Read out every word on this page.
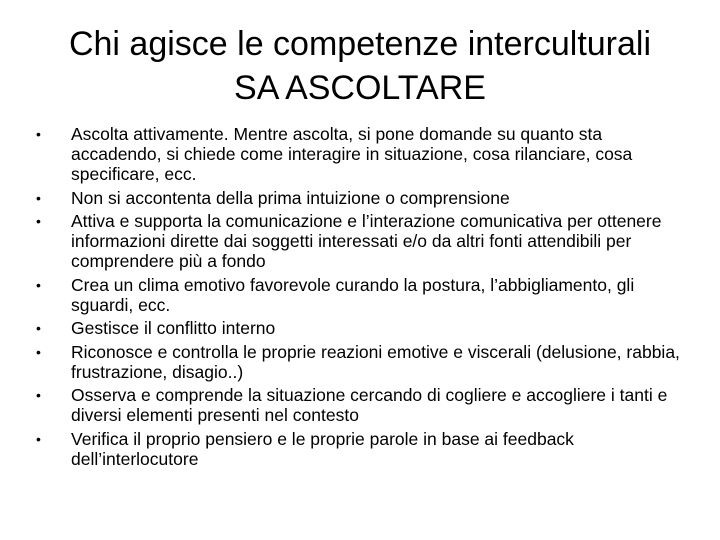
Chi agisce le competenze interculturali
SA ASCOLTARE
•	Ascolta attivamente. Mentre ascolta, si pone domande su quanto sta accadendo, si chiede come interagire in situazione, cosa rilanciare, cosa specificare, ecc.
•	Non si accontenta della prima intuizione o comprensione
•	Attiva e supporta la comunicazione e l’interazione comunicativa per ottenere informazioni dirette dai soggetti interessati e/o da altri fonti attendibili per comprendere più a fondo
•	Crea un clima emotivo favorevole curando la postura, l’abbigliamento, gli sguardi, ecc.
•	Gestisce il conflitto interno
•	Riconosce e controlla le proprie reazioni emotive e viscerali (delusione, rabbia, frustrazione, disagio..)
•	Osserva e comprende la situazione cercando di cogliere e accogliere i tanti e diversi elementi presenti nel contesto
•	Verifica il proprio pensiero e le proprie parole in base ai feedback dell’interlocutore
